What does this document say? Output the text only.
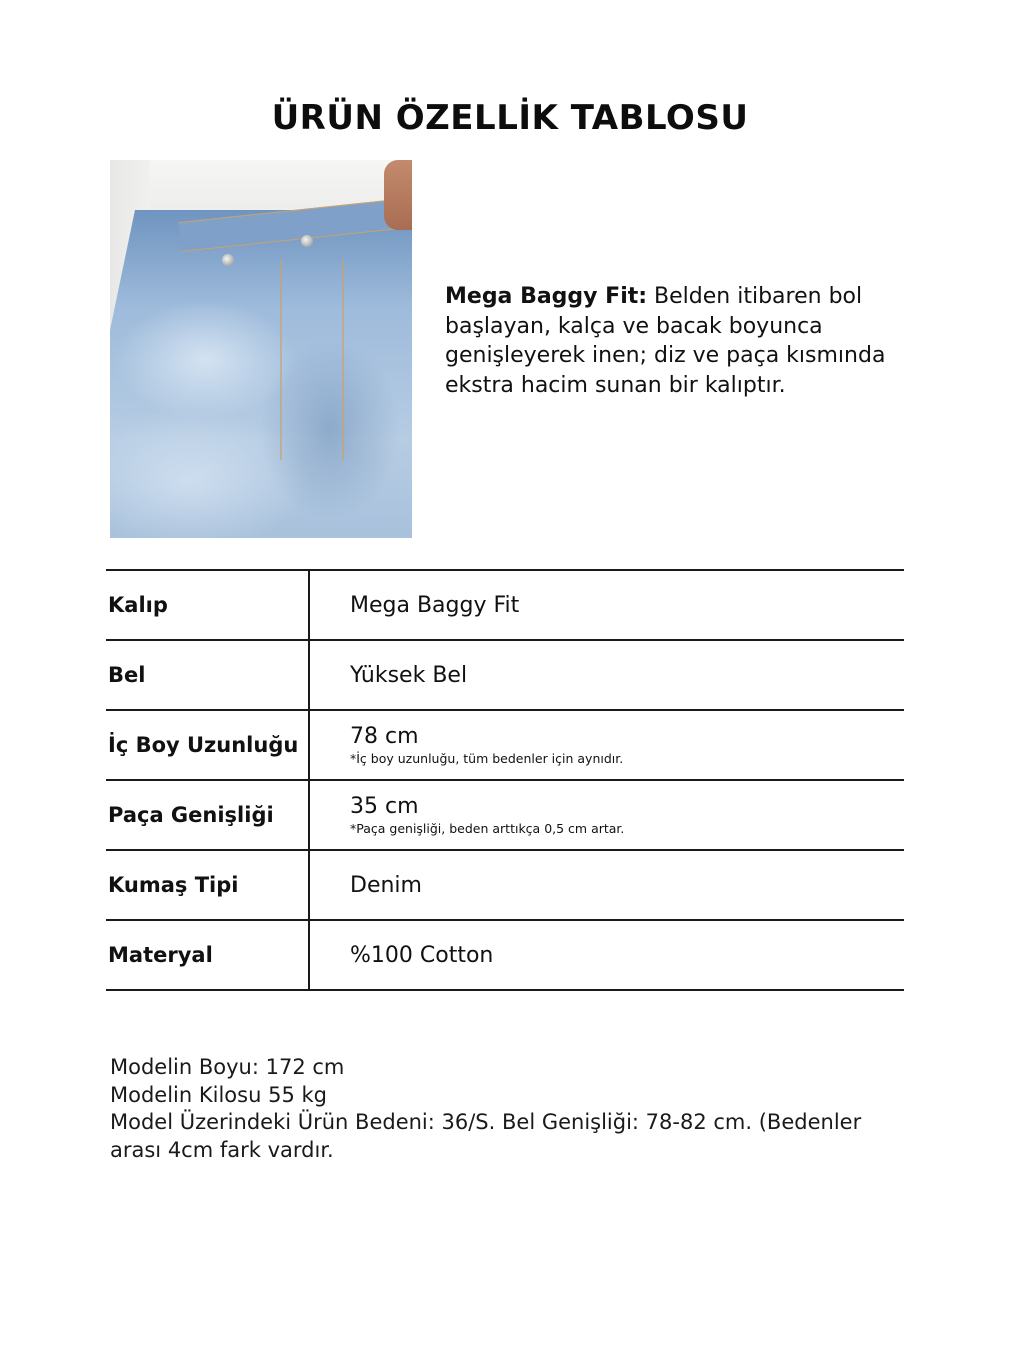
ÜRÜN ÖZELLİK TABLOSU
Mega Baggy Fit: Belden itibaren bol başlayan, kalça ve bacak boyunca genişleyerek inen; diz ve paça kısmında ekstra hacim sunan bir kalıptır.
Kalıp	Mega Baggy Fit
Bel	Yüksek Bel
İç Boy Uzunluğu	78 cm
*İç boy uzunluğu, tüm bedenler için aynıdır.

Paça Genişliği	35 cm
*Paça genişliği, beden arttıkça 0,5 cm artar.

Kumaş Tipi	Denim
Materyal	%100 Cotton
Modelin Boyu: 172 cm
Modelin Kilosu 55 kg
Model Üzerindeki Ürün Bedeni: 36/S. Bel Genişliği: 78-82 cm. (Bedenler
arası 4cm fark vardır.
